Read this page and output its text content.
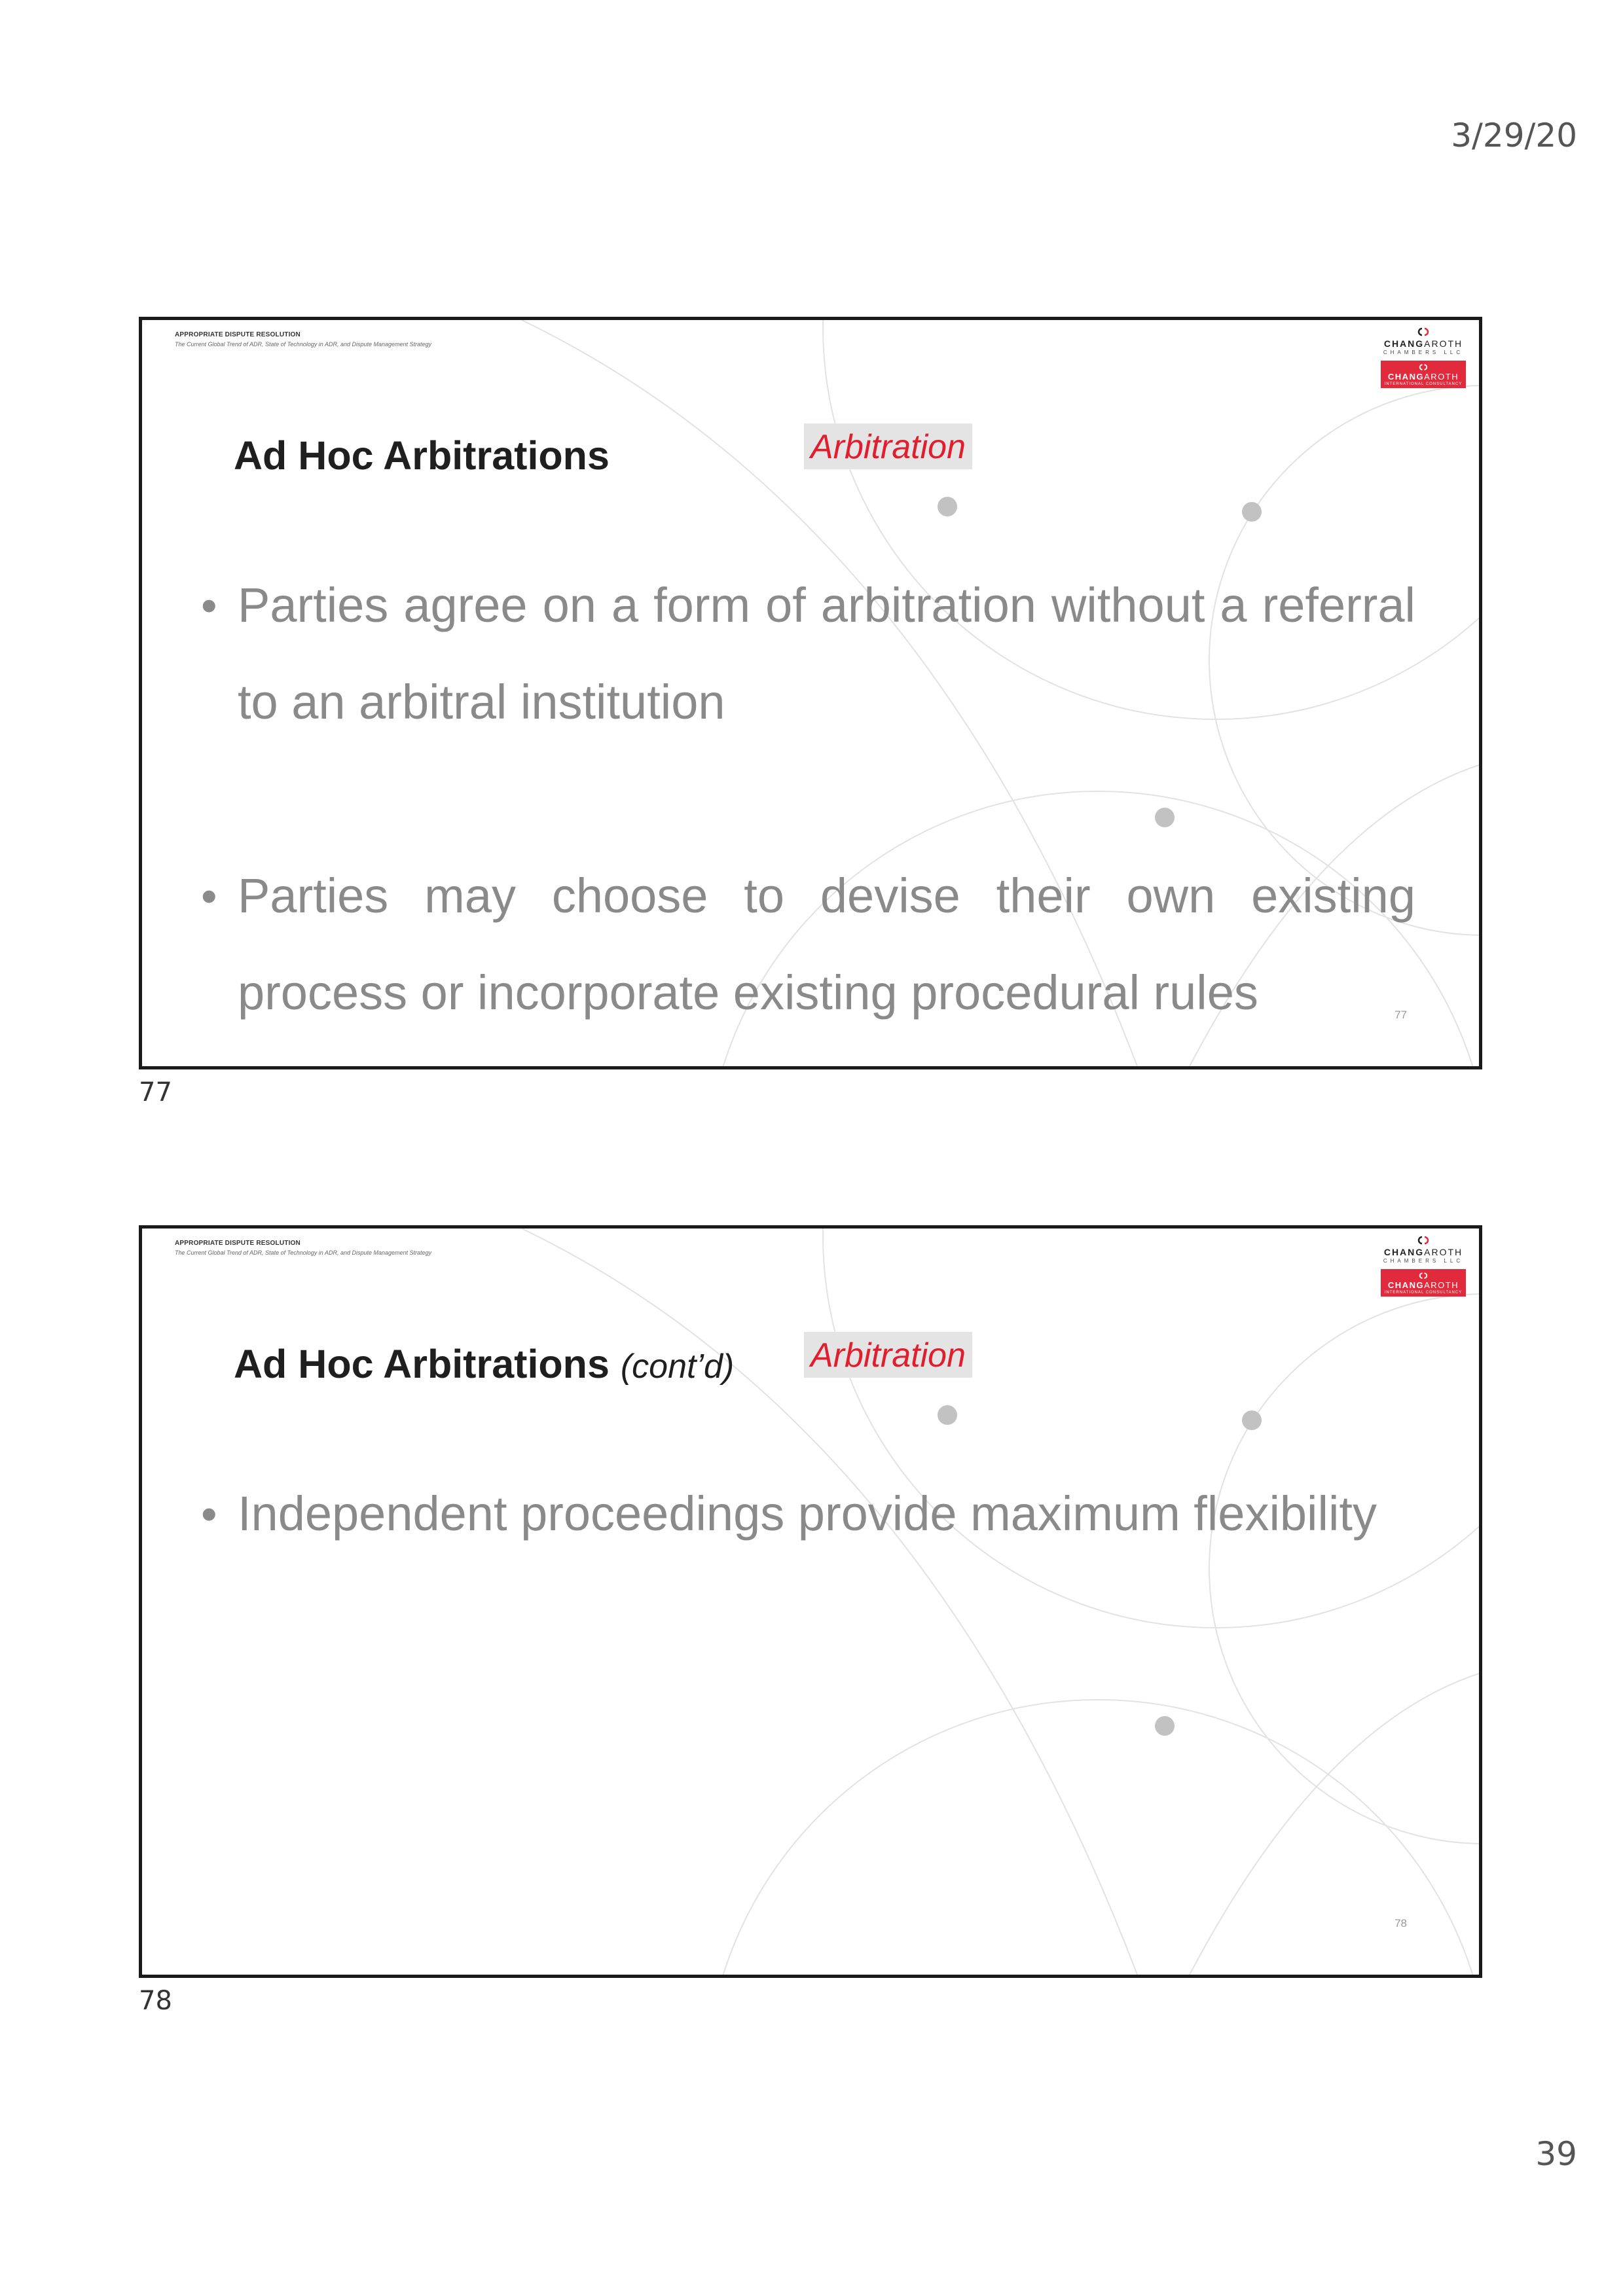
3/29/20
APPROPRIATE DISPUTE RESOLUTION
The Current Global Trend of ADR, State of Technology in ADR, and Dispute Management Strategy	CHANGAROTH
CHAMBERS LLC
CHANGAROTH
INTERNATIONAL CONSULTANCY
Ad Hoc Arbitrations	Arbitration
• Parties agree on a form of arbitration without a referral to an arbitral institution
• Parties may choose to devise their own existing process or incorporate existing procedural rules	77
77
APPROPRIATE DISPUTE RESOLUTION
The Current Global Trend of ADR, State of Technology in ADR, and Dispute Management Strategy	CHANGAROTH
CHAMBERS LLC
CHANGAROTH
INTERNATIONAL CONSULTANCY
Ad Hoc Arbitrations (cont’d) Arbitration
• Independent proceedings provide maximum flexibility
78
78
39
